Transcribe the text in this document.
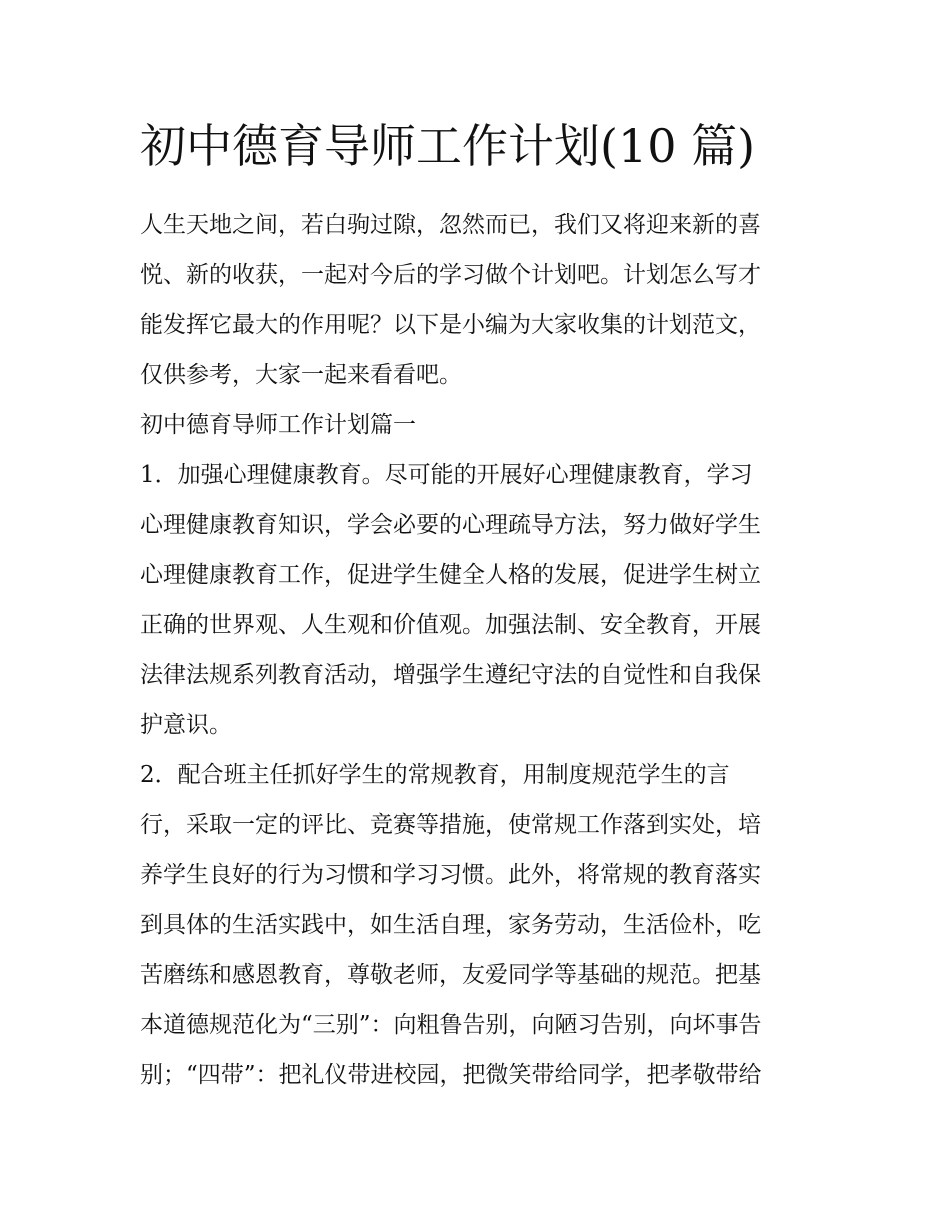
初中德育导师工作计划(10 篇)

人生天地之间，若白驹过隙，忽然而已，我们又将迎来新的喜

悦、新的收获，一起对今后的学习做个计划吧。计划怎么写才

能发挥它最大的作用呢？以下是小编为大家收集的计划范文，

仅供参考，大家一起来看看吧。

初中德育导师工作计划篇一

1．加强心理健康教育。尽可能的开展好心理健康教育，学习

心理健康教育知识，学会必要的心理疏导方法，努力做好学生

心理健康教育工作，促进学生健全人格的发展，促进学生树立

正确的世界观、人生观和价值观。加强法制、安全教育，开展

法律法规系列教育活动，增强学生遵纪守法的自觉性和自我保

护意识。

2．配合班主任抓好学生的常规教育，用制度规范学生的言

行，采取一定的评比、竞赛等措施，使常规工作落到实处，培

养学生良好的行为习惯和学习习惯。此外，将常规的教育落实

到具体的生活实践中，如生活自理，家务劳动，生活俭朴，吃

苦磨练和感恩教育，尊敬老师，友爱同学等基础的规范。把基

本道德规范化为“三别”：向粗鲁告别，向陋习告别，向坏事告

别；“四带”：把礼仪带进校园，把微笑带给同学，把孝敬带给
